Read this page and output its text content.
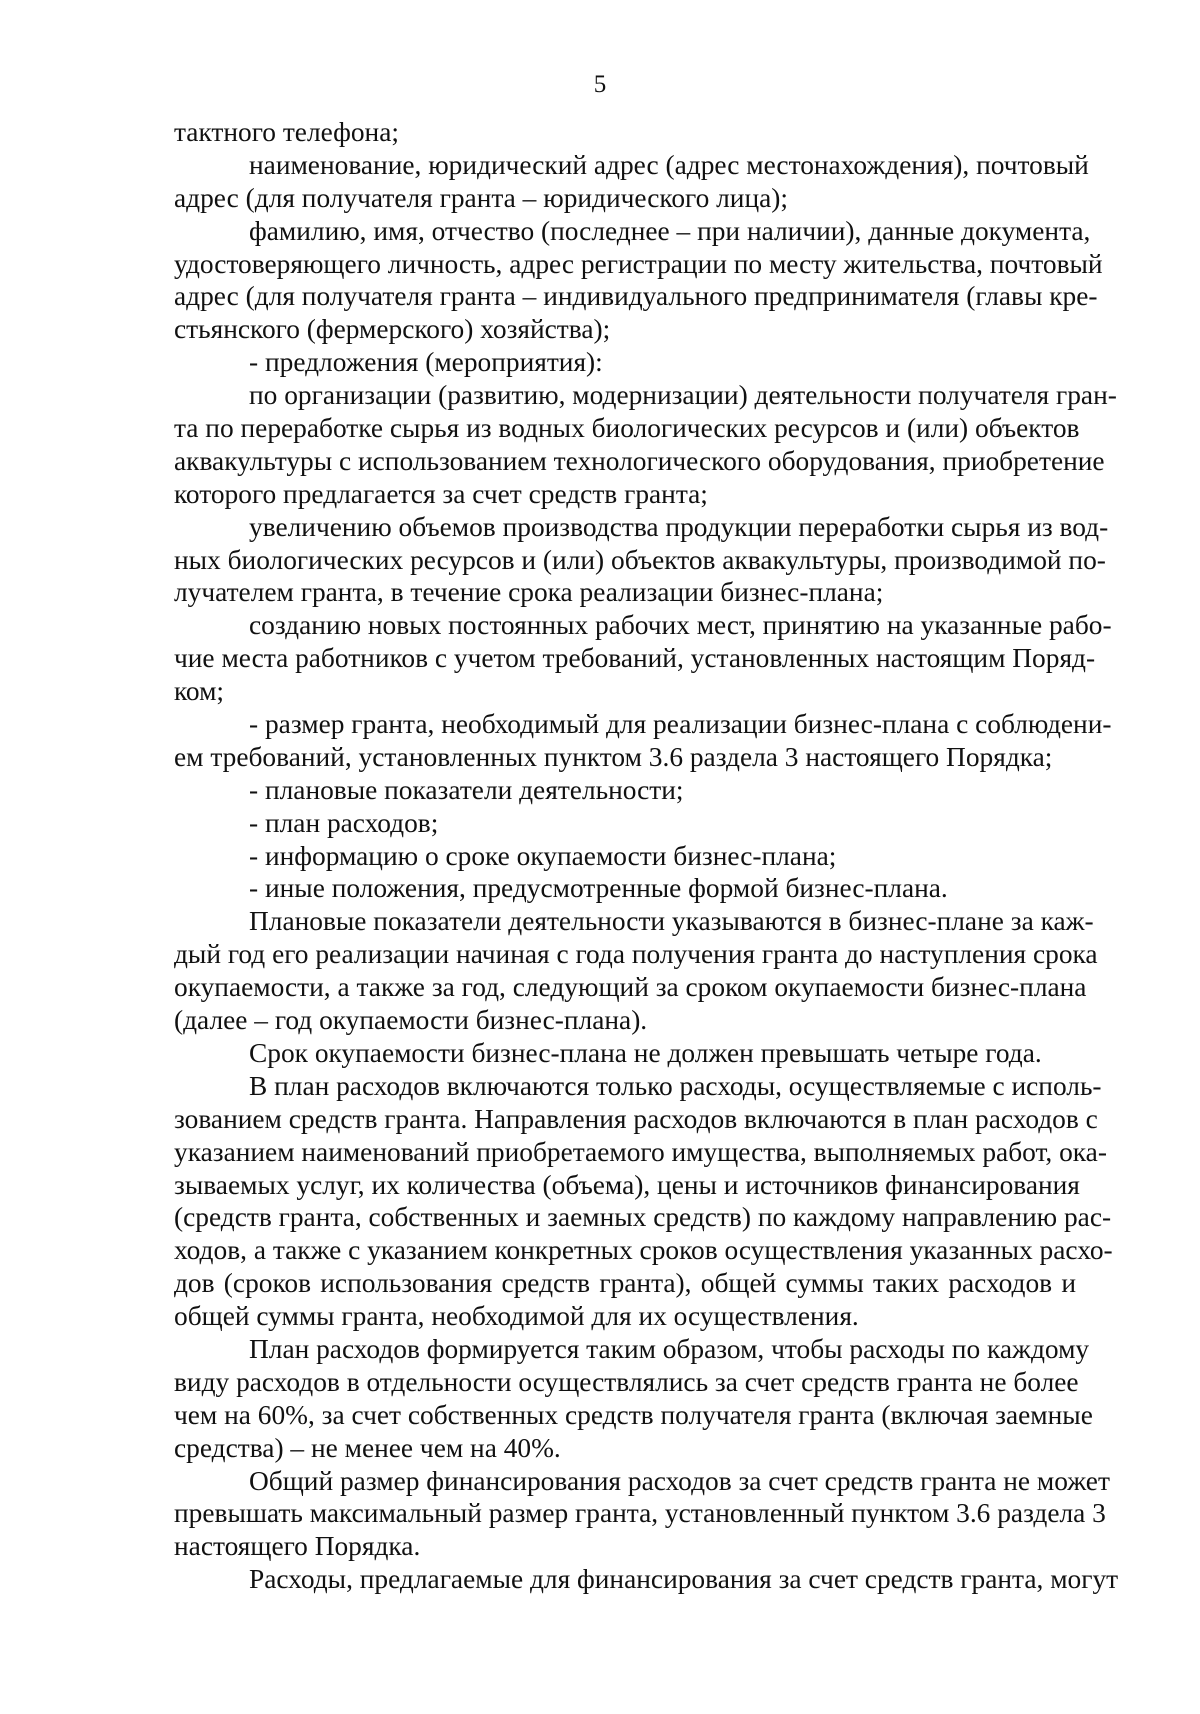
5
тактного телефона;
наименование, юридический адрес (адрес местонахождения), почтовый
адрес (для получателя гранта – юридического лица);
фамилию, имя, отчество (последнее – при наличии), данные документа,
удостоверяющего личность, адрес регистрации по месту жительства, почтовый
адрес (для получателя гранта – индивидуального предпринимателя (главы кре-
стьянского (фермерского) хозяйства);
- предложения (мероприятия):
по организации (развитию, модернизации) деятельности получателя гран-
та по переработке сырья из водных биологических ресурсов и (или) объектов
аквакультуры с использованием технологического оборудования, приобретение
которого предлагается за счет средств гранта;
увеличению объемов производства продукции переработки сырья из вод-
ных биологических ресурсов и (или) объектов аквакультуры, производимой по-
лучателем гранта, в течение срока реализации бизнес-плана;
созданию новых постоянных рабочих мест, принятию на указанные рабо-
чие места работников с учетом требований, установленных настоящим Поряд-
ком;
- размер гранта, необходимый для реализации бизнес-плана с соблюдени-
ем требований, установленных пунктом 3.6 раздела 3 настоящего Порядка;
- плановые показатели деятельности;
- план расходов;
- информацию о сроке окупаемости бизнес-плана;
- иные положения, предусмотренные формой бизнес-плана.
Плановые показатели деятельности указываются в бизнес-плане за каж-
дый год его реализации начиная с года получения гранта до наступления срока
окупаемости, а также за год, следующий за сроком окупаемости бизнес-плана
(далее – год окупаемости бизнес-плана).
Срок окупаемости бизнес-плана не должен превышать четыре года.
В план расходов включаются только расходы, осуществляемые с исполь-
зованием средств гранта. Направления расходов включаются в план расходов с
указанием наименований приобретаемого имущества, выполняемых работ, ока-
зываемых услуг, их количества (объема), цены и источников финансирования
(средств гранта, собственных и заемных средств) по каждому направлению рас-
ходов, а также с указанием конкретных сроков осуществления указанных расхо-
дов (сроков использования средств гранта), общей суммы таких расходов и
общей суммы гранта, необходимой для их осуществления.
План расходов формируется таким образом, чтобы расходы по каждому
виду расходов в отдельности осуществлялись за счет средств гранта не более
чем на 60%, за счет собственных средств получателя гранта (включая заемные
средства) – не менее чем на 40%.
Общий размер финансирования расходов за счет средств гранта не может
превышать максимальный размер гранта, установленный пунктом 3.6 раздела 3
настоящего Порядка.
Расходы, предлагаемые для финансирования за счет средств гранта, могут
